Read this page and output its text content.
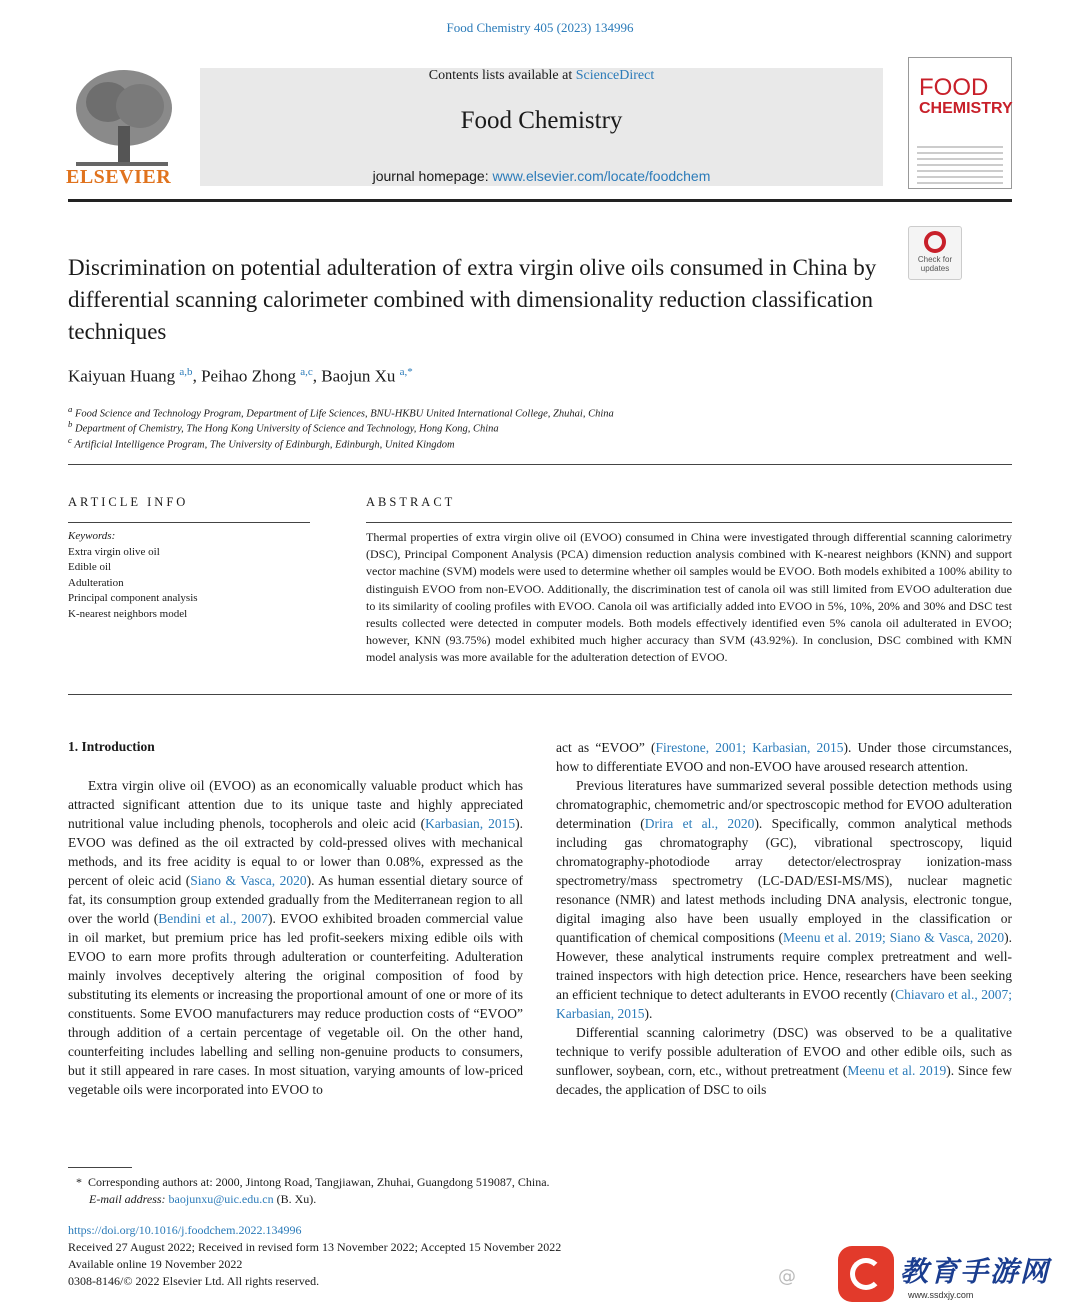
Food Chemistry 405 (2023) 134996
ELSEVIER
Contents lists available at ScienceDirect
Food Chemistry
journal homepage: www.elsevier.com/locate/foodchem
FOOD
CHEMISTRY
Discrimination on potential adulteration of extra virgin olive oils consumed in China by differential scanning calorimeter combined with dimensionality reduction classification techniques
Check for updates
Kaiyuan Huang $^{a,b}$, Peihao Zhong $^{a,c}$, Baojun Xu $^{a,*}$
$^a$ Food Science and Technology Program, Department of Life Sciences, BNU-HKBU United International College, Zhuhai, China
$^b$ Department of Chemistry, The Hong Kong University of Science and Technology, Hong Kong, China
$^c$ Artificial Intelligence Program, The University of Edinburgh, Edinburgh, United Kingdom
ARTICLE INFO	ABSTRACT
Keywords:
Extra virgin olive oil
Edible oil
Adulteration
Principal component analysis
K-nearest neighbors model
Thermal properties of extra virgin olive oil (EVOO) consumed in China were investigated through differential scanning calorimetry (DSC), Principal Component Analysis (PCA) dimension reduction analysis combined with K-nearest neighbors (KNN) and support vector machine (SVM) models were used to determine whether oil samples would be EVOO. Both models exhibited a 100% ability to distinguish EVOO from non-EVOO. Additionally, the discrimination test of canola oil was still limited from EVOO adulteration due to its similarity of cooling profiles with EVOO. Canola oil was artificially added into EVOO in 5%, 10%, 20% and 30% and DSC test results collected were detected in computer models. Both models effectively identified even 5% canola oil adulterated in EVOO; however, KNN (93.75%) model exhibited much higher accuracy than SVM (43.92%). In conclusion, DSC combined with KMN model analysis was more available for the adulteration detection of EVOO.
1. Introduction

Extra virgin olive oil (EVOO) as an economically valuable product which has attracted significant attention due to its unique taste and highly appreciated nutritional value including phenols, tocopherols and oleic acid (Karbasian, 2015). EVOO was defined as the oil extracted by cold-pressed olives with mechanical methods, and its free acidity is equal to or lower than 0.08%, expressed as the percent of oleic acid (Siano & Vasca, 2020). As human essential dietary source of fat, its consumption group extended gradually from the Mediterranean region to all over the world (Bendini et al., 2007). EVOO exhibited broaden commercial value in oil market, but premium price has led profit-seekers mixing edible oils with EVOO to earn more profits through adulteration or counterfeiting. Adulteration mainly involves deceptively altering the original composition of food by substituting its elements or increasing the proportional amount of one or more of its constituents. Some EVOO manufacturers may reduce production costs of “EVOO” through addition of a certain percentage of vegetable oil. On the other hand, counterfeiting includes labelling and selling non-genuine products to consumers, but it still appeared in rare cases. In most situation, varying amounts of low-priced vegetable oils were incorporated into EVOO to

act as “EVOO” (Firestone, 2001; Karbasian, 2015). Under those circumstances, how to differentiate EVOO and non-EVOO have aroused research attention.

Previous literatures have summarized several possible detection methods using chromatographic, chemometric and/or spectroscopic method for EVOO adulteration determination (Drira et al., 2020). Specifically, common analytical methods including gas chromatography (GC), vibrational spectroscopy, liquid chromatography-photodiode array detector/electrospray ionization-mass spectrometry/mass spectrometry (LC-DAD/ESI-MS/MS), nuclear magnetic resonance (NMR) and latest methods including DNA analysis, electronic tongue, digital imaging also have been usually employed in the classification or quantification of chemical compositions (Meenu et al. 2019; Siano & Vasca, 2020). However, these analytical instruments require complex pretreatment and well-trained inspectors with high detection price. Hence, researchers have been seeking an efficient technique to detect adulterants in EVOO recently (Chiavaro et al., 2007; Karbasian, 2015).

Differential scanning calorimetry (DSC) was observed to be a qualitative technique to verify possible adulteration of EVOO and other edible oils, such as sunflower, soybean, corn, etc., without pretreatment (Meenu et al. 2019). Since few decades, the application of DSC to oils

* Corresponding authors at: 2000, Jintong Road, Tangjiawan, Zhuhai, Guangdong 519087, China.
E-mail address: baojunxu@uic.edu.cn (B. Xu).
https://doi.org/10.1016/j.foodchem.2022.134996
Received 27 August 2022; Received in revised form 13 November 2022; Accepted 15 November 2022
Available online 19 November 2022
0308-8146/© 2022 Elsevier Ltd. All rights reserved.	@	教育手游网
www.ssdxjy.com
